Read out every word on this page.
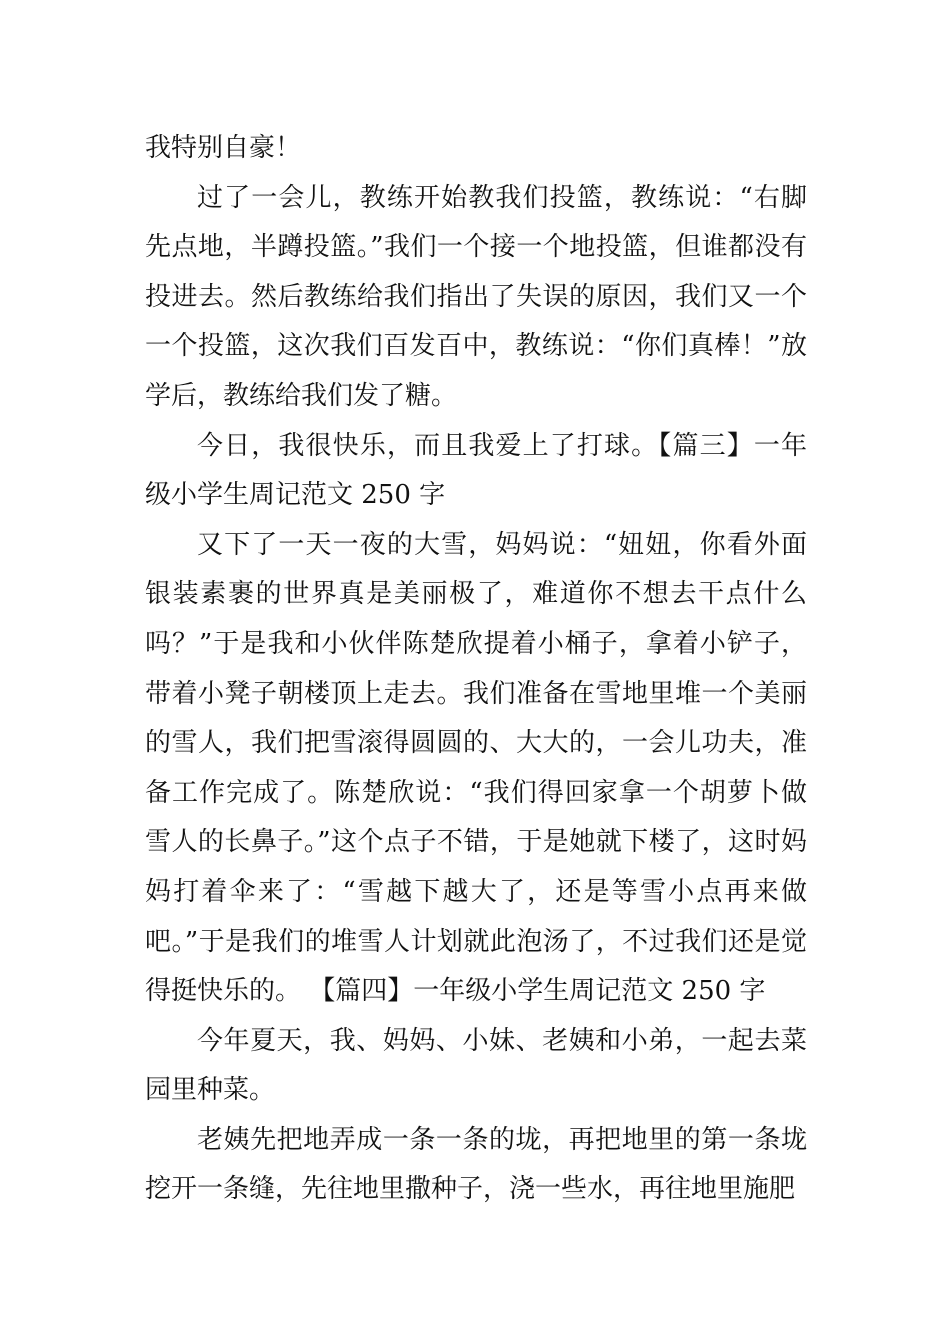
我特别自豪！

过了一会儿，教练开始教我们投篮，教练说：“右脚先点地，半蹲投篮。”我们一个接一个地投篮，但谁都没有投进去。然后教练给我们指出了失误的原因，我们又一个一个投篮，这次我们百发百中，教练说：“你们真棒！”放学后，教练给我们发了糖。

今日，我很快乐，而且我爱上了打球。【篇三】一年级小学生周记范文 250 字

又下了一天一夜的大雪，妈妈说：“妞妞，你看外面银装素裹的世界真是美丽极了，难道你不想去干点什么吗？”于是我和小伙伴陈楚欣提着小桶子，拿着小铲子，带着小凳子朝楼顶上走去。我们准备在雪地里堆一个美丽的雪人，我们把雪滚得圆圆的、大大的，一会儿功夫，准备工作完成了。陈楚欣说：“我们得回家拿一个胡萝卜做雪人的长鼻子。”这个点子不错，于是她就下楼了，这时妈妈打着伞来了：“雪越下越大了，还是等雪小点再来做吧。”于是我们的堆雪人计划就此泡汤了，不过我们还是觉得挺快乐的。 【篇四】一年级小学生周记范文 250 字

今年夏天，我、妈妈、小妹、老姨和小弟，一起去菜园里种菜。

老姨先把地弄成一条一条的垅，再把地里的第一条垅挖开一条缝，先往地里撒种子，浇一些水，再往地里施肥
